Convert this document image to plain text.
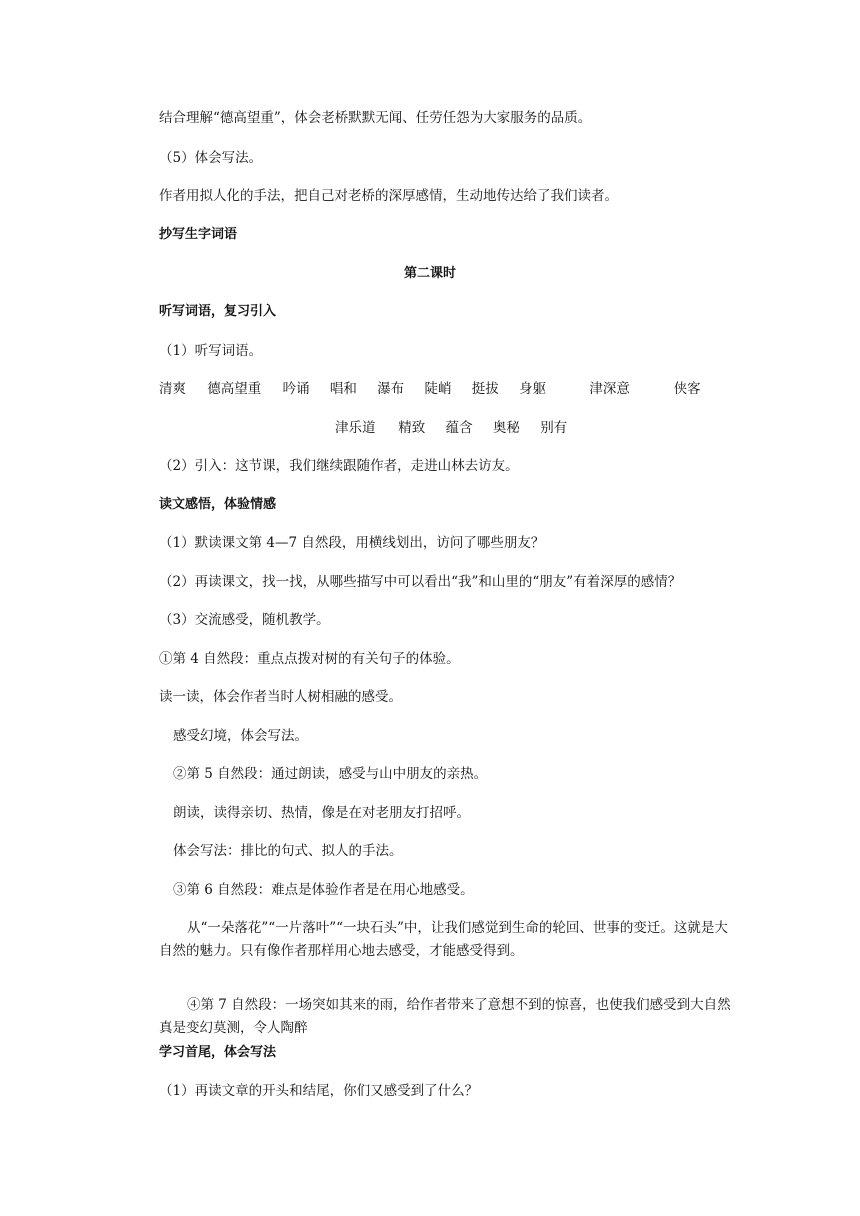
结合理解“德高望重”，体会老桥默默无闻、任劳任怨为大家服务的品质。
（5）体会写法。
作者用拟人化的手法，把自己对老桥的深厚感情，生动地传达给了我们读者。
抄写生字词语
第二课时
听写词语，复习引入
（1）听写词语。
清爽 德高望重 吟诵 唱和 瀑布 陡峭 挺拔 身躯	津深意	侠客
津乐道 精致 蕴含 奥秘 别有
（2）引入：这节课，我们继续跟随作者，走进山林去访友。
读文感悟，体验情感
（1）默读课文第 4—7 自然段，用横线划出，访问了哪些朋友？
（2）再读课文，找一找，从哪些描写中可以看出“我”和山里的“朋友”有着深厚的感情？
（3）交流感受，随机教学。
①第 4 自然段：重点点拨对树的有关句子的体验。
读一读，体会作者当时人树相融的感受。
感受幻境，体会写法。
②第 5 自然段：通过朗读，感受与山中朋友的亲热。
朗读，读得亲切、热情，像是在对老朋友打招呼。
体会写法：排比的句式、拟人的手法。
③第 6 自然段：难点是体验作者是在用心地感受。
从“一朵落花”“一片落叶”“一块石头”中，让我们感觉到生命的轮回、世事的变迁。这就是大自然的魅力。只有像作者那样用心地去感受，才能感受得到。
④第 7 自然段：一场突如其来的雨，给作者带来了意想不到的惊喜，也使我们感受到大自然真是变幻莫测，令人陶醉
学习首尾，体会写法
（1）再读文章的开头和结尾，你们又感受到了什么？
